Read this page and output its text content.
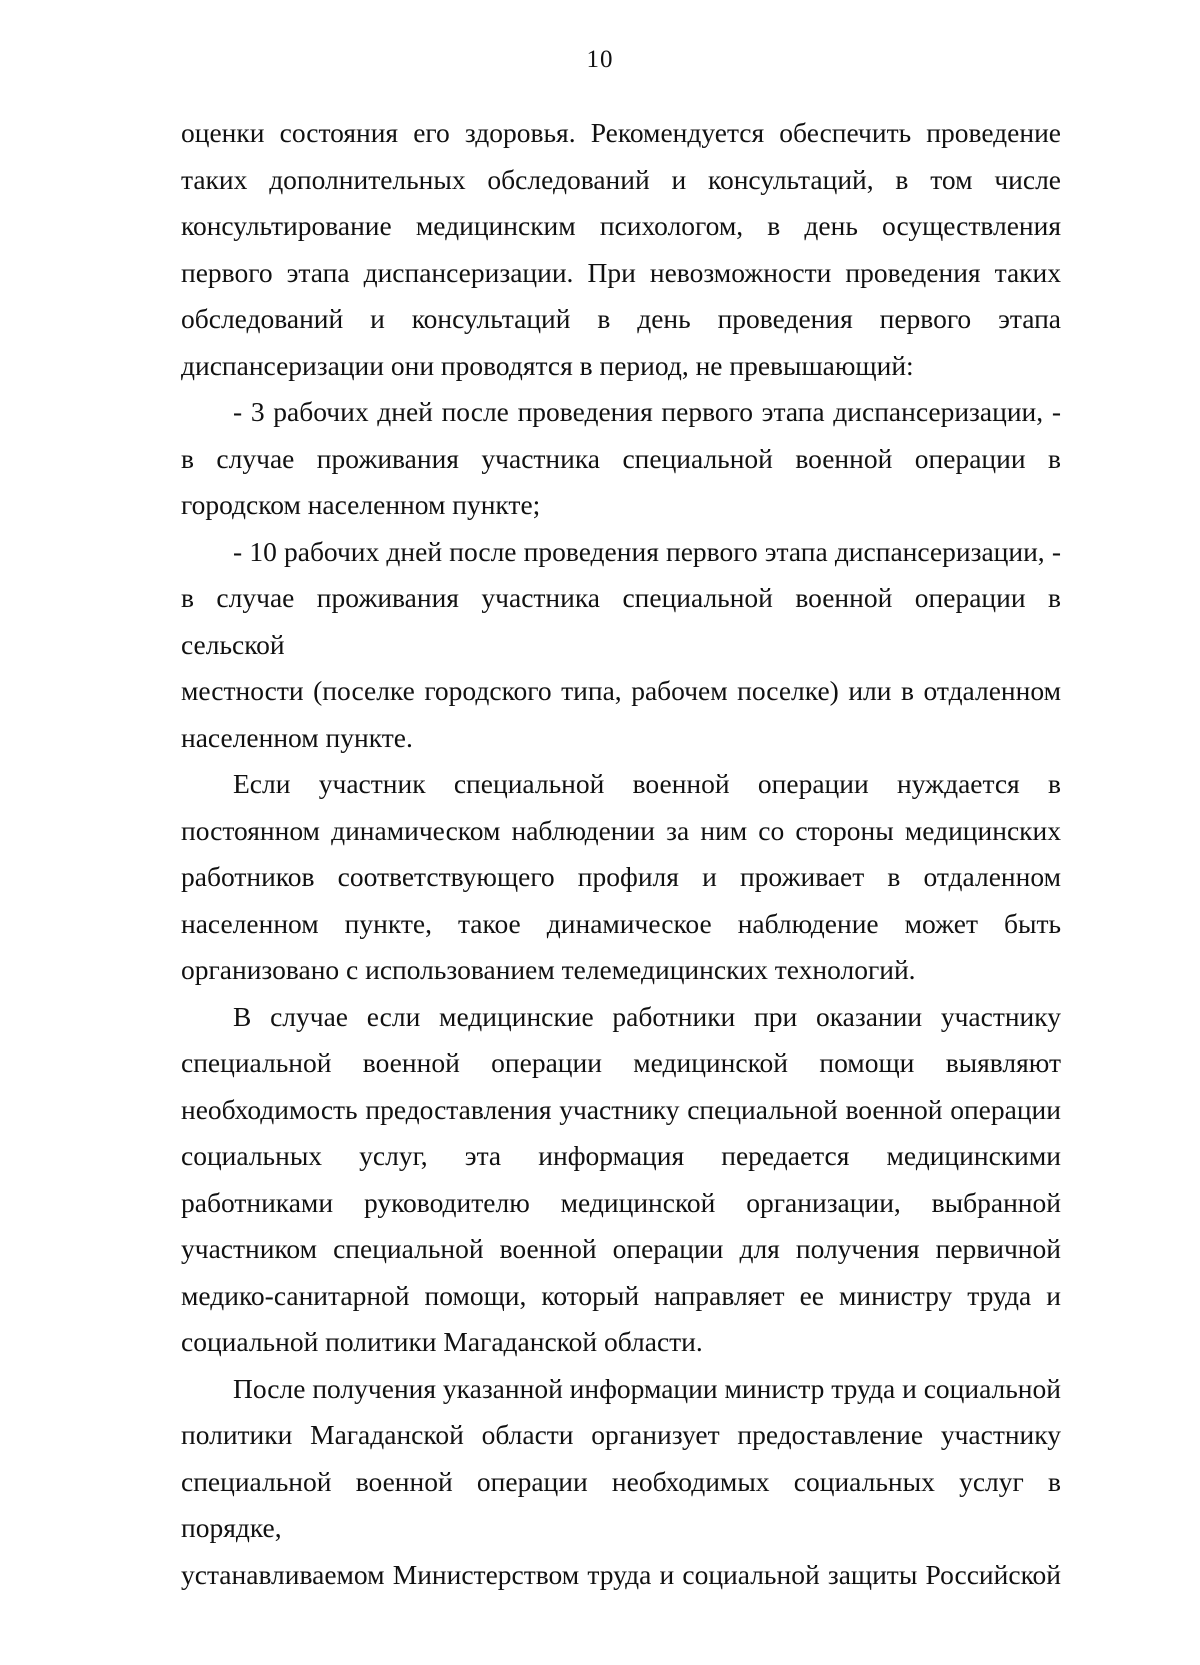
10
оценки состояния его здоровья. Рекомендуется обеспечить проведение
таких дополнительных обследований и консультаций, в том числе
консультирование медицинским психологом, в день осуществления
первого этапа диспансеризации. При невозможности проведения таких
обследований и консультаций в день проведения первого этапа
диспансеризации они проводятся в период, не превышающий:
- 3 рабочих дней после проведения первого этапа диспансеризации, -
в случае проживания участника специальной военной операции в
городском населенном пункте;
- 10 рабочих дней после проведения первого этапа диспансеризации, -
в случае проживания участника специальной военной операции в сельской
местности (поселке городского типа, рабочем поселке) или в отдаленном
населенном пункте.
Если участник специальной военной операции нуждается в
постоянном динамическом наблюдении за ним со стороны медицинских
работников соответствующего профиля и проживает в отдаленном
населенном пункте, такое динамическое наблюдение может быть
организовано с использованием телемедицинских технологий.
В случае если медицинские работники при оказании участнику
специальной военной операции медицинской помощи выявляют
необходимость предоставления участнику специальной военной операции
социальных услуг, эта информация передается медицинскими
работниками руководителю медицинской организации, выбранной
участником специальной военной операции для получения первичной
медико-санитарной помощи, который направляет ее министру труда и
социальной политики Магаданской области.
После получения указанной информации министр труда и социальной
политики Магаданской области организует предоставление участнику
специальной военной операции необходимых социальных услуг в порядке,
устанавливаемом Министерством труда и социальной защиты Российской
